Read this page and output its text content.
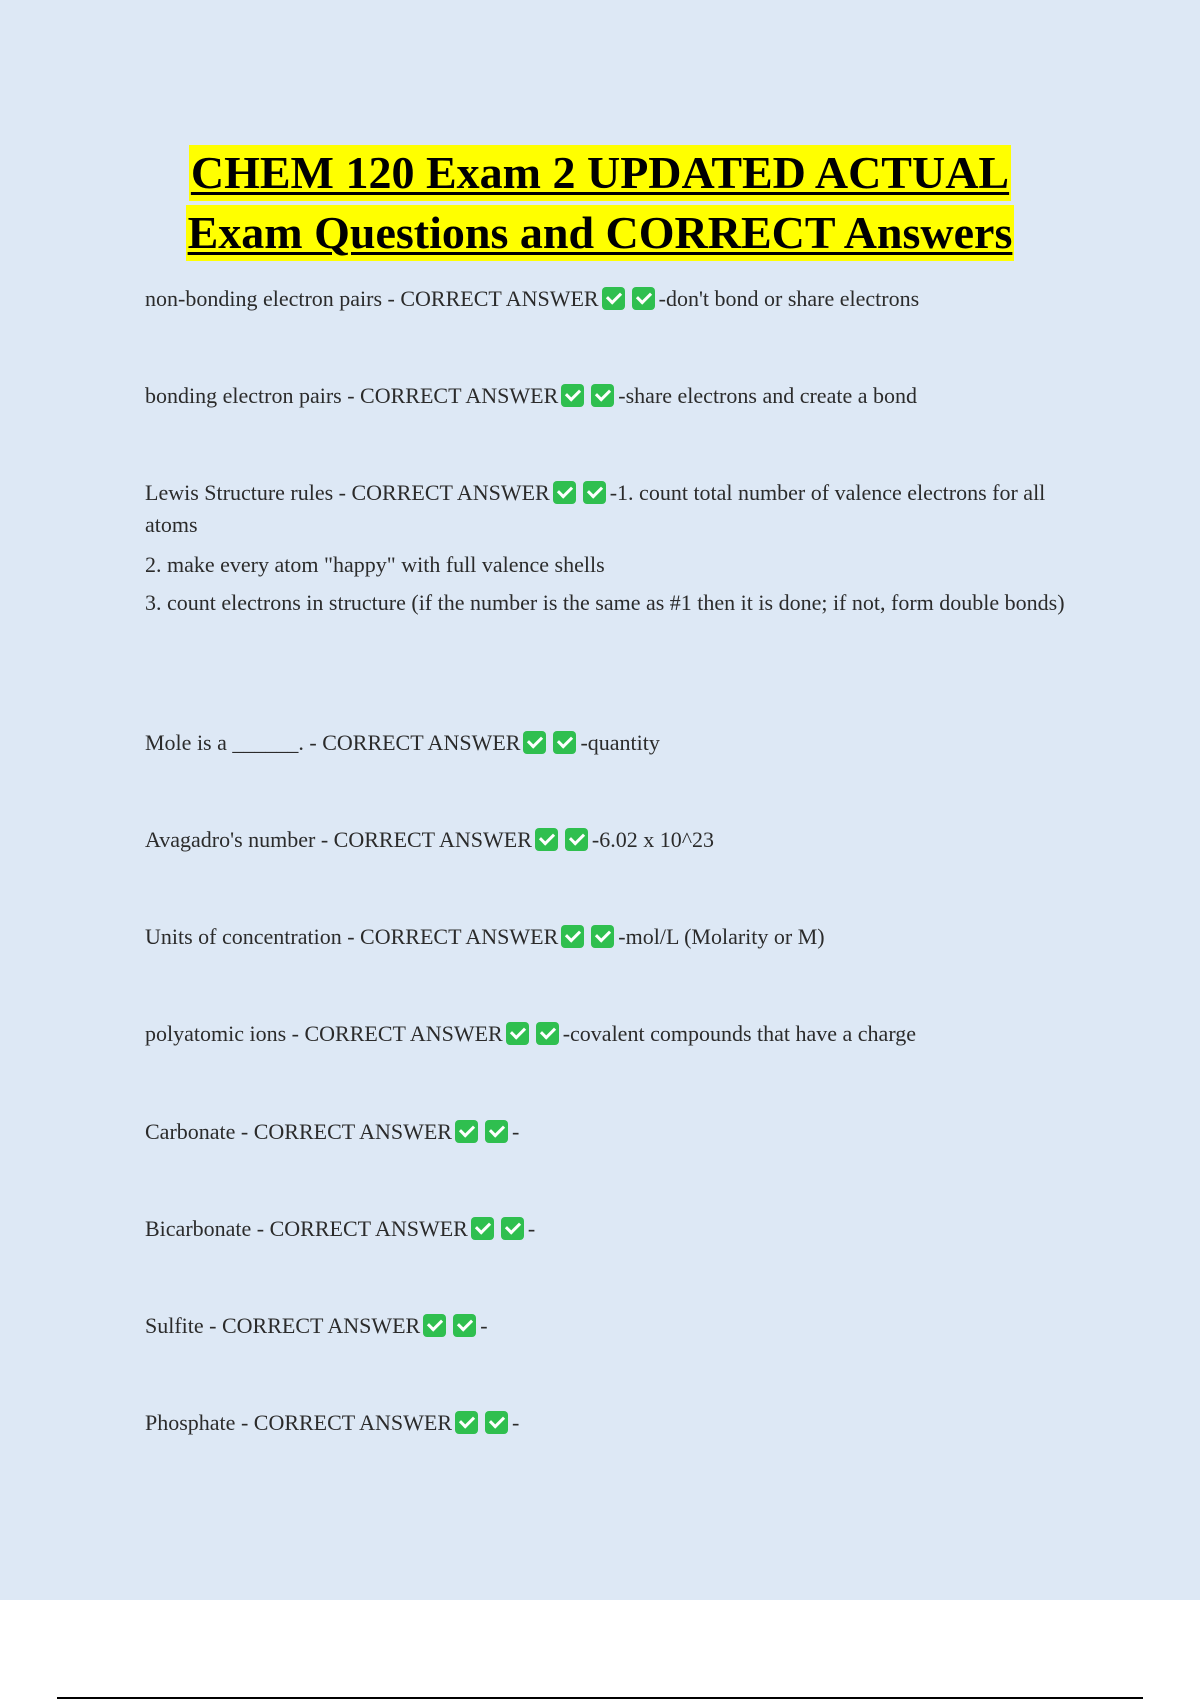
CHEM 120 Exam 2 UPDATED ACTUAL
Exam Questions and CORRECT Answers

non-bonding electron pairs - CORRECT ANSWER	-don't bond or share electrons

bonding electron pairs - CORRECT ANSWER	-share electrons and create a bond

Lewis Structure rules - CORRECT ANSWER	-1. count total number of valence electrons for all atoms

2. make every atom "happy" with full valence shells

3. count electrons in structure (if the number is the same as #1 then it is done; if not, form double bonds)

Mole is a ______. - CORRECT ANSWER	-quantity

Avagadro's number - CORRECT ANSWER	-6.02 x 10^23

Units of concentration - CORRECT ANSWER	-mol/L (Molarity or M)

polyatomic ions - CORRECT ANSWER	-covalent compounds that have a charge

Carbonate - CORRECT ANSWER	-

Bicarbonate - CORRECT ANSWER	-

Sulfite - CORRECT ANSWER	-

Phosphate - CORRECT ANSWER	-
